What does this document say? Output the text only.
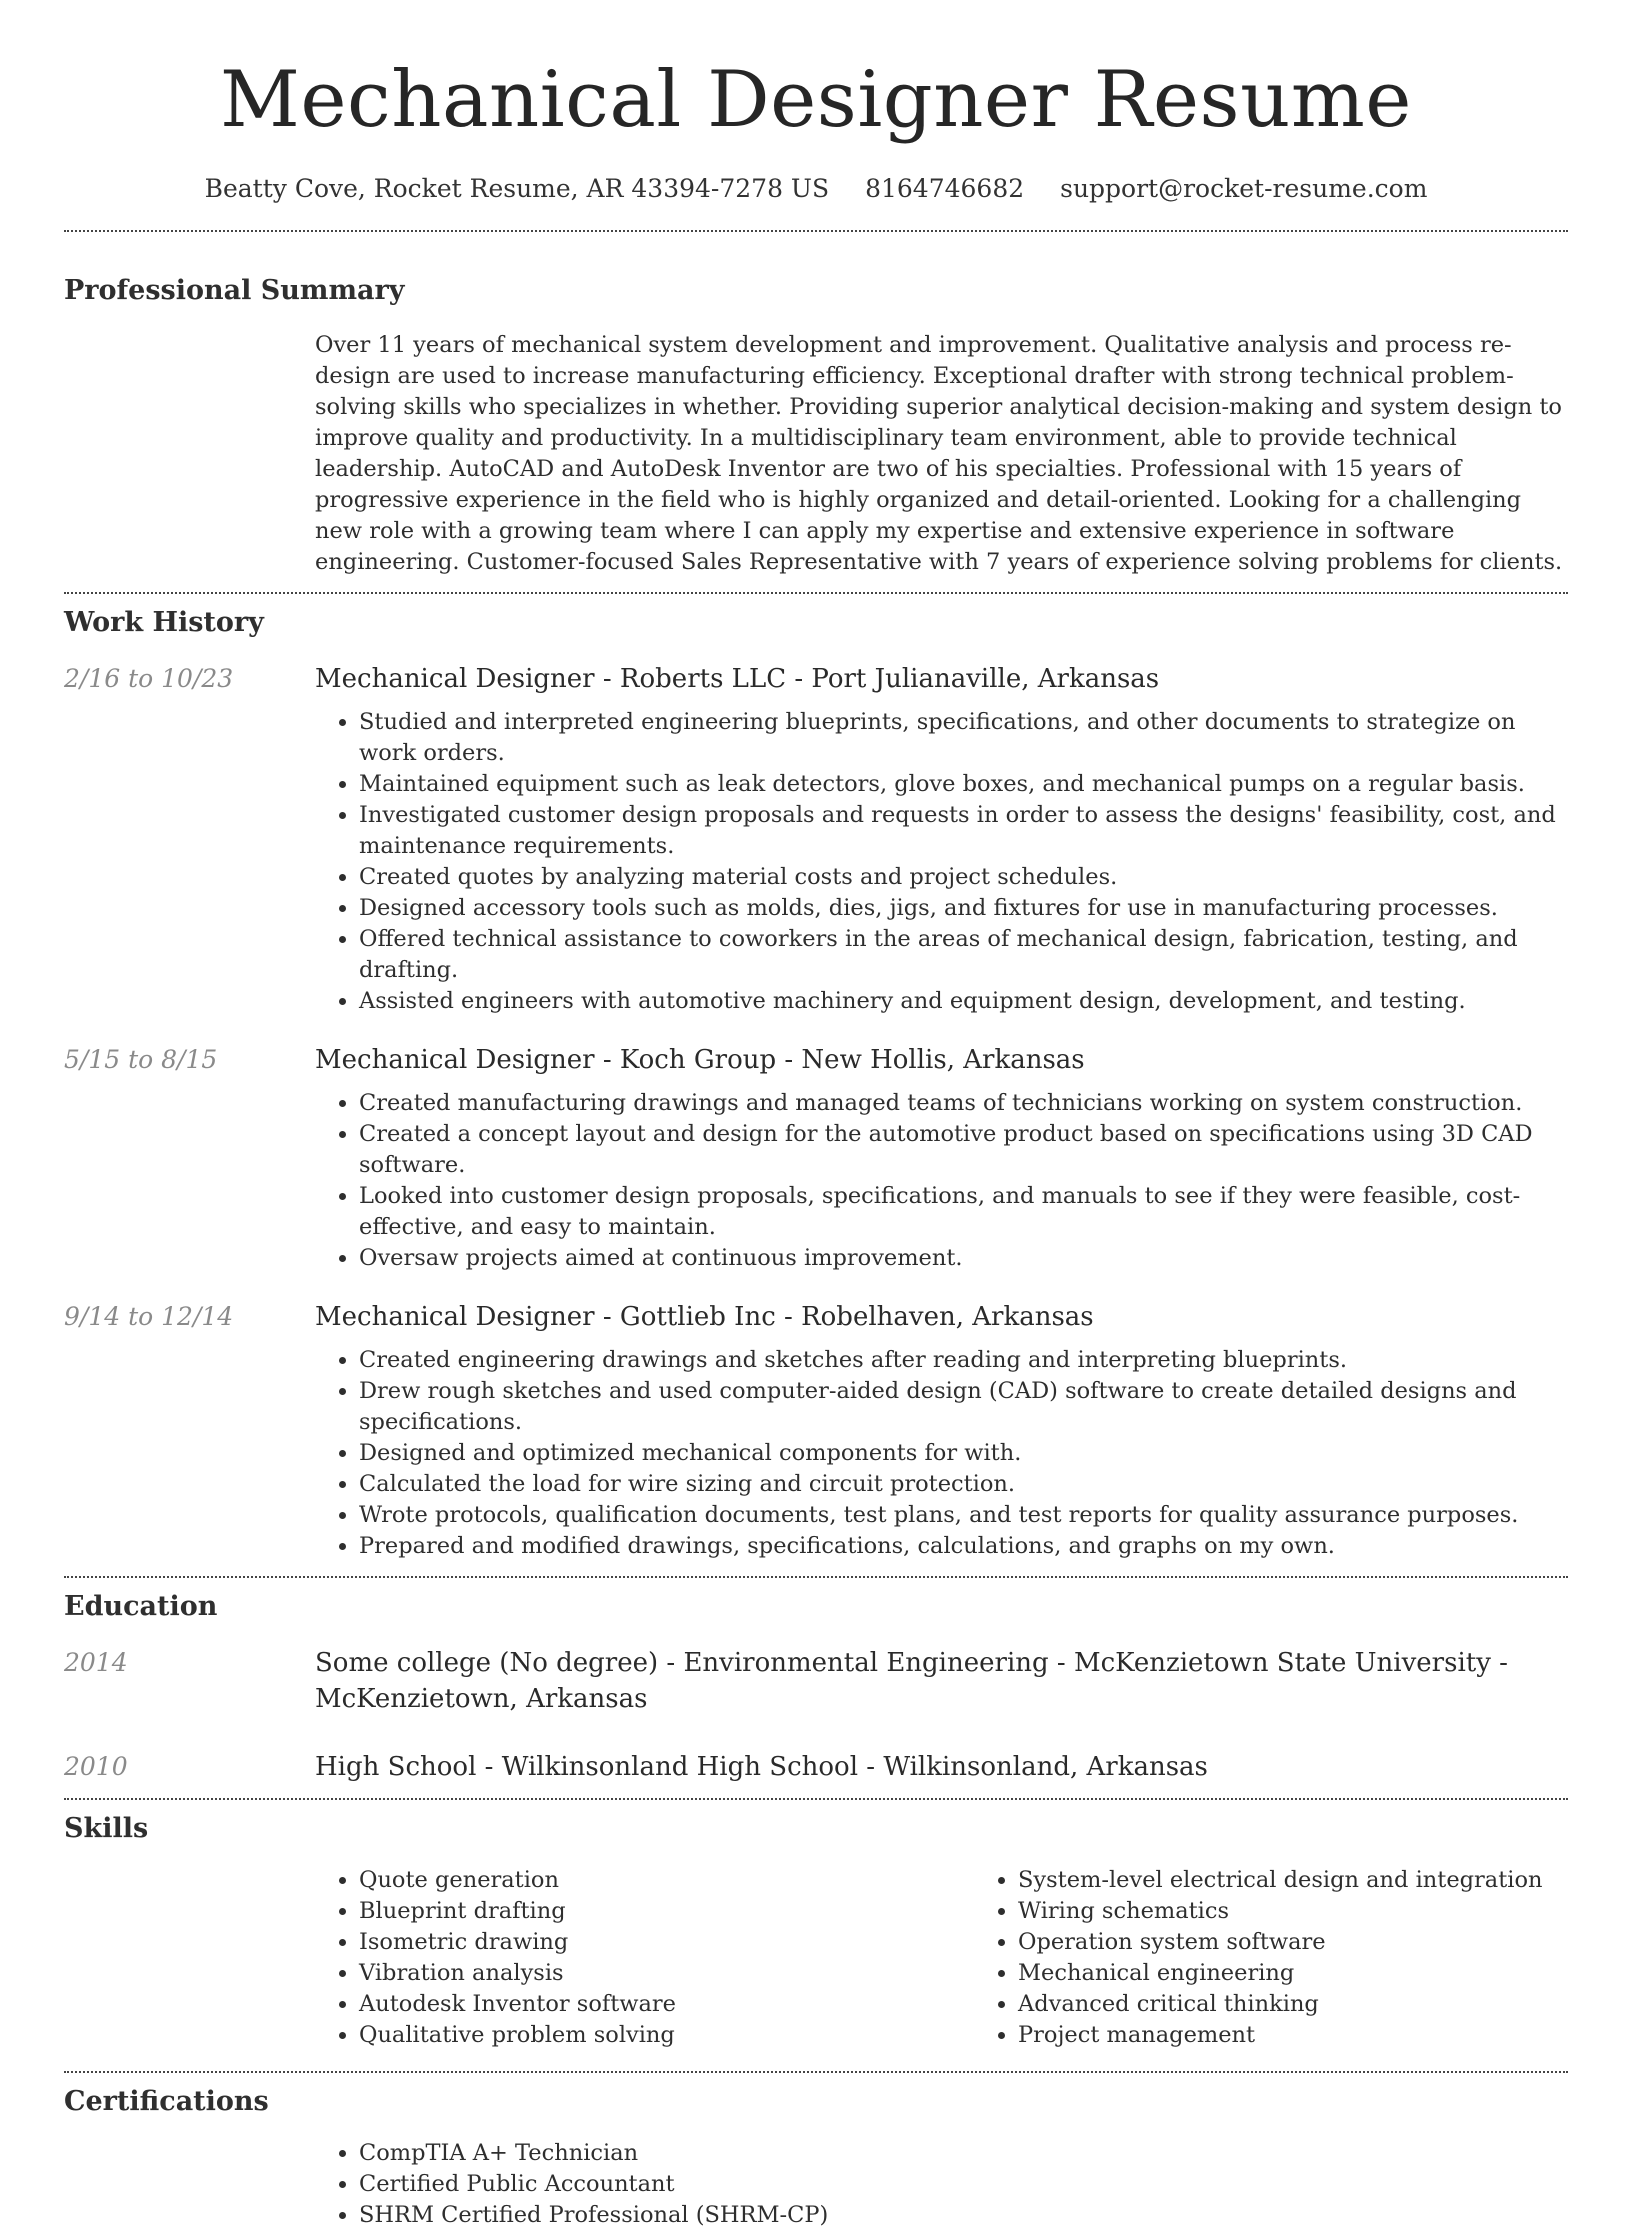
Mechanical Designer Resume
Beatty Cove, Rocket Resume, AR 43394-7278 US 8164746682 support@rocket-resume.com
Professional Summary

Over 11 years of mechanical system development and improvement. Qualitative analysis and process re-design are used to increase manufacturing efficiency. Exceptional drafter with strong technical problem-solving skills who specializes in whether. Providing superior analytical decision-making and system design to improve quality and productivity. In a multidisciplinary team environment, able to provide technical leadership. AutoCAD and AutoDesk Inventor are two of his specialties. Professional with 15 years of progressive experience in the field who is highly organized and detail-oriented. Looking for a challenging new role with a growing team where I can apply my expertise and extensive experience in software engineering. Customer-focused Sales Representative with 7 years of experience solving problems for clients.

Work History
2/16 to 10/23	Mechanical Designer - Roberts LLC - Port Julianaville, Arkansas
• Studied and interpreted engineering blueprints, specifications, and other documents to strategize on work orders.
• Maintained equipment such as leak detectors, glove boxes, and mechanical pumps on a regular basis.
• Investigated customer design proposals and requests in order to assess the designs' feasibility, cost, and maintenance requirements.
• Created quotes by analyzing material costs and project schedules.
• Designed accessory tools such as molds, dies, jigs, and fixtures for use in manufacturing processes.
• Offered technical assistance to coworkers in the areas of mechanical design, fabrication, testing, and drafting.
• Assisted engineers with automotive machinery and equipment design, development, and testing.
5/15 to 8/15	Mechanical Designer - Koch Group - New Hollis, Arkansas
• Created manufacturing drawings and managed teams of technicians working on system construction.
• Created a concept layout and design for the automotive product based on specifications using 3D CAD software.
• Looked into customer design proposals, specifications, and manuals to see if they were feasible, cost-effective, and easy to maintain.
• Oversaw projects aimed at continuous improvement.
9/14 to 12/14	Mechanical Designer - Gottlieb Inc - Robelhaven, Arkansas
• Created engineering drawings and sketches after reading and interpreting blueprints.
• Drew rough sketches and used computer-aided design (CAD) software to create detailed designs and specifications.
• Designed and optimized mechanical components for with.
• Calculated the load for wire sizing and circuit protection.
• Wrote protocols, qualification documents, test plans, and test reports for quality assurance purposes.
• Prepared and modified drawings, specifications, calculations, and graphs on my own.
Education
2014	Some college (No degree) - Environmental Engineering - McKenzietown State University - McKenzietown, Arkansas
2010	High School - Wilkinsonland High School - Wilkinsonland, Arkansas
Skills
• Quote generation
• Blueprint drafting
• Isometric drawing
• Vibration analysis
• Autodesk Inventor software
• Qualitative problem solving
• System-level electrical design and integration
• Wiring schematics
• Operation system software
• Mechanical engineering
• Advanced critical thinking
• Project management
Certifications
• CompTIA A+ Technician
• Certified Public Accountant
• SHRM Certified Professional (SHRM-CP)
